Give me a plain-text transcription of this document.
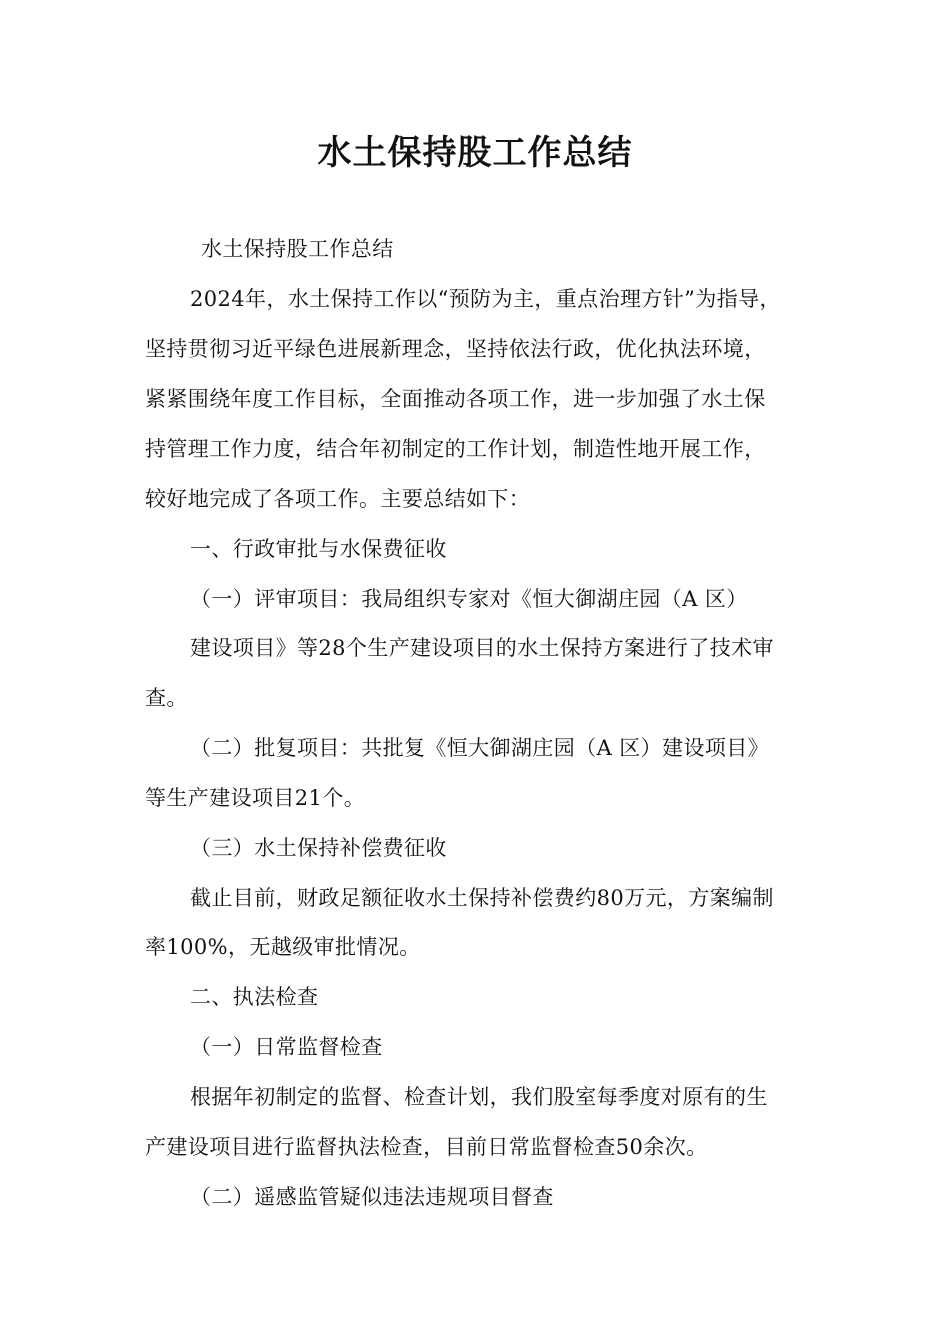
水土保持股工作总结

水土保持股工作总结

2024年，水土保持工作以“预防为主，重点治理方针”为指导，

坚持贯彻习近平绿色进展新理念，坚持依法行政，优化执法环境，

紧紧围绕年度工作目标，全面推动各项工作，进一步加强了水土保

持管理工作力度，结合年初制定的工作计划，制造性地开展工作，

较好地完成了各项工作。主要总结如下：

一、行政审批与水保费征收

（一）评审项目：我局组织专家对《恒大御湖庄园（A 区）

建设项目》等28个生产建设项目的水土保持方案进行了技术审

查。

（二）批复项目：共批复《恒大御湖庄园（A 区）建设项目》

等生产建设项目21个。

（三）水土保持补偿费征收

截止目前，财政足额征收水土保持补偿费约80万元，方案编制

率100%，无越级审批情况。

二、执法检查

（一）日常监督检查

根据年初制定的监督、检查计划，我们股室每季度对原有的生

产建设项目进行监督执法检查，目前日常监督检查50余次。

（二）遥感监管疑似违法违规项目督查
